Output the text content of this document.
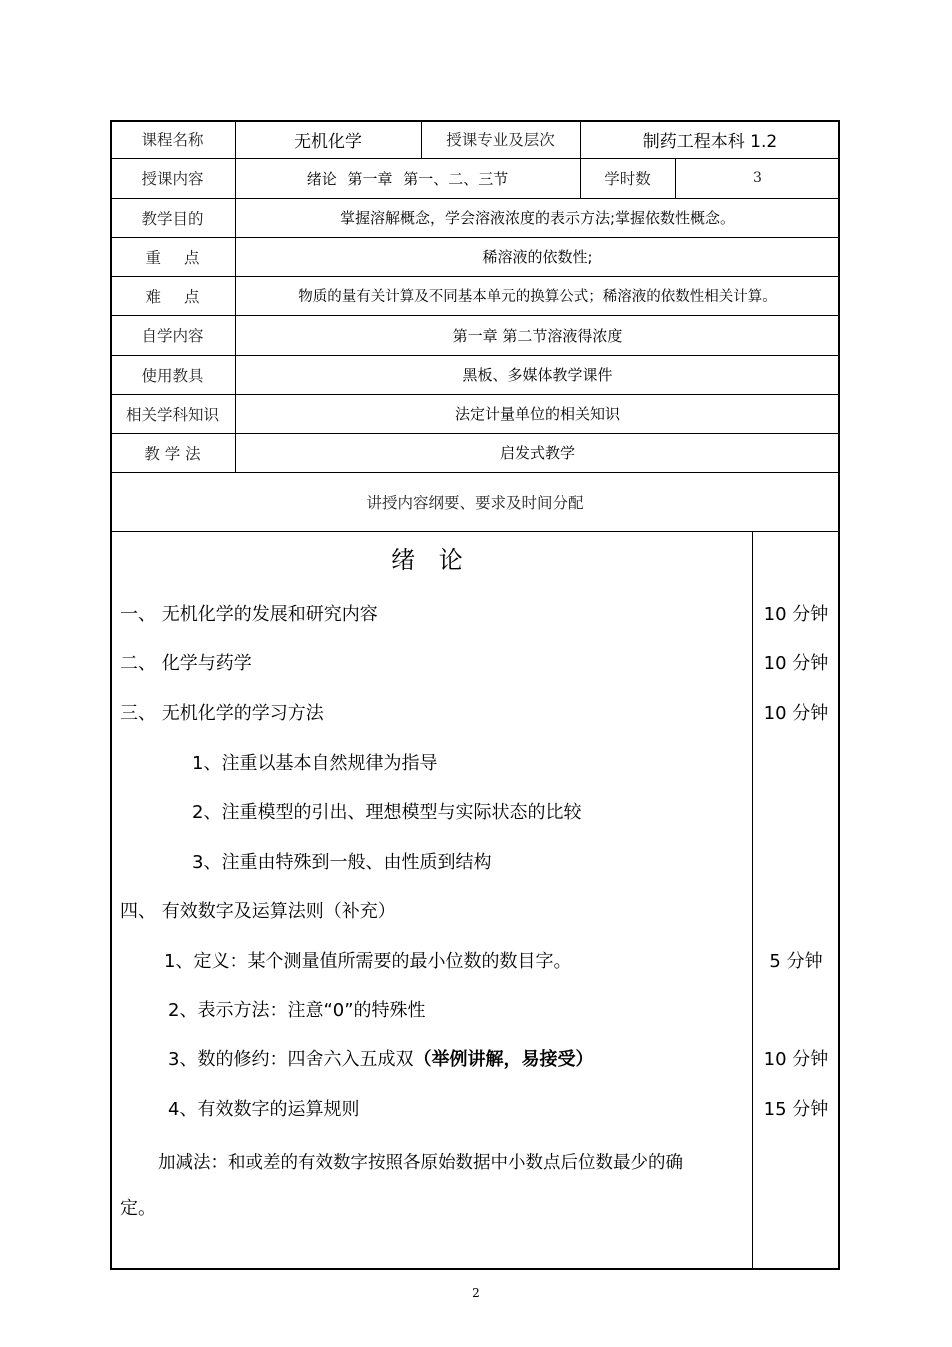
课程名称	无机化学	授课专业及层次	制药工程本科 1.2
授课内容	绪论 第一章 第一、二、三节	学时数	3
教学目的	掌握溶解概念，学会溶液浓度的表示方法;掌握依数性概念。
重 点	稀溶液的依数性;
难 点	物质的量有关计算及不同基本单元的换算公式；稀溶液的依数性相关计算。
自学内容	第一章 第二节溶液得浓度
使用教具	黑板、多媒体教学课件
相关学科知识	法定计量单位的相关知识
教 学 法	启发式教学
讲授内容纲要、要求及时间分配
绪 论
一、 无机化学的发展和研究内容	10 分钟
二、 化学与药学	10 分钟
三、 无机化学的学习方法	10 分钟
1、注重以基本自然规律为指导
2、注重模型的引出、理想模型与实际状态的比较
3、注重由特殊到一般、由性质到结构
四、 有效数字及运算法则（补充）
1、定义：某个测量值所需要的最小位数的数目字。	5 分钟
2、表示方法：注意“0”的特殊性
3、数的修约：四舍六入五成双（举例讲解，易接受）	10 分钟
4、有效数字的运算规则	15 分钟
加减法：和或差的有效数字按照各原始数据中小数点后位数最少的确
定。
2
